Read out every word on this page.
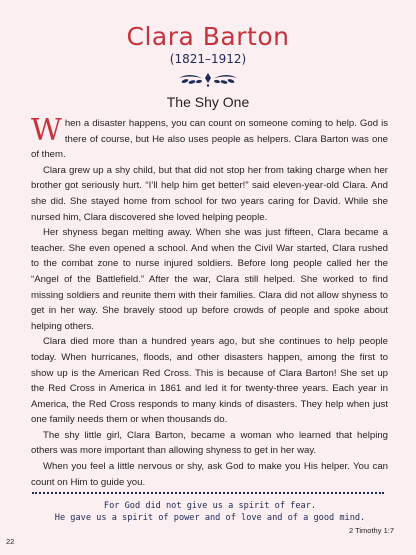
Clara Barton
(1821–1912)
The Shy One

When a disaster happens, you can count on someone coming to help. God is there of course, but He also uses people as helpers. Clara Barton was one of them.

Clara grew up a shy child, but that did not stop her from taking charge when her brother got seriously hurt. “I’ll help him get better!” said eleven-year-old Clara. And she did. She stayed home from school for two years caring for David. While she nursed him, Clara discovered she loved helping people.

Her shyness began melting away. When she was just fifteen, Clara became a teacher. She even opened a school. And when the Civil War started, Clara rushed to the combat zone to nurse injured soldiers. Before long people called her the “Angel of the Battlefield.” After the war, Clara still helped. She worked to find missing soldiers and reunite them with their families. Clara did not allow shyness to get in her way. She bravely stood up before crowds of people and spoke about helping others.

Clara died more than a hundred years ago, but she continues to help people today. When hurricanes, floods, and other disasters happen, among the first to show up is the American Red Cross. This is because of Clara Barton! She set up the Red Cross in America in 1861 and led it for twenty-three years. Each year in America, the Red Cross responds to many kinds of disasters. They help when just one family needs them or when thousands do.

The shy little girl, Clara Barton, became a woman who learned that helping others was more important than allowing shyness to get in her way.

When you feel a little nervous or shy, ask God to make you His helper. You can count on Him to guide you.

For God did not give us a spirit of fear.
He gave us a spirit of power and of love and of a good mind.
2 Timothy 1:7
22
